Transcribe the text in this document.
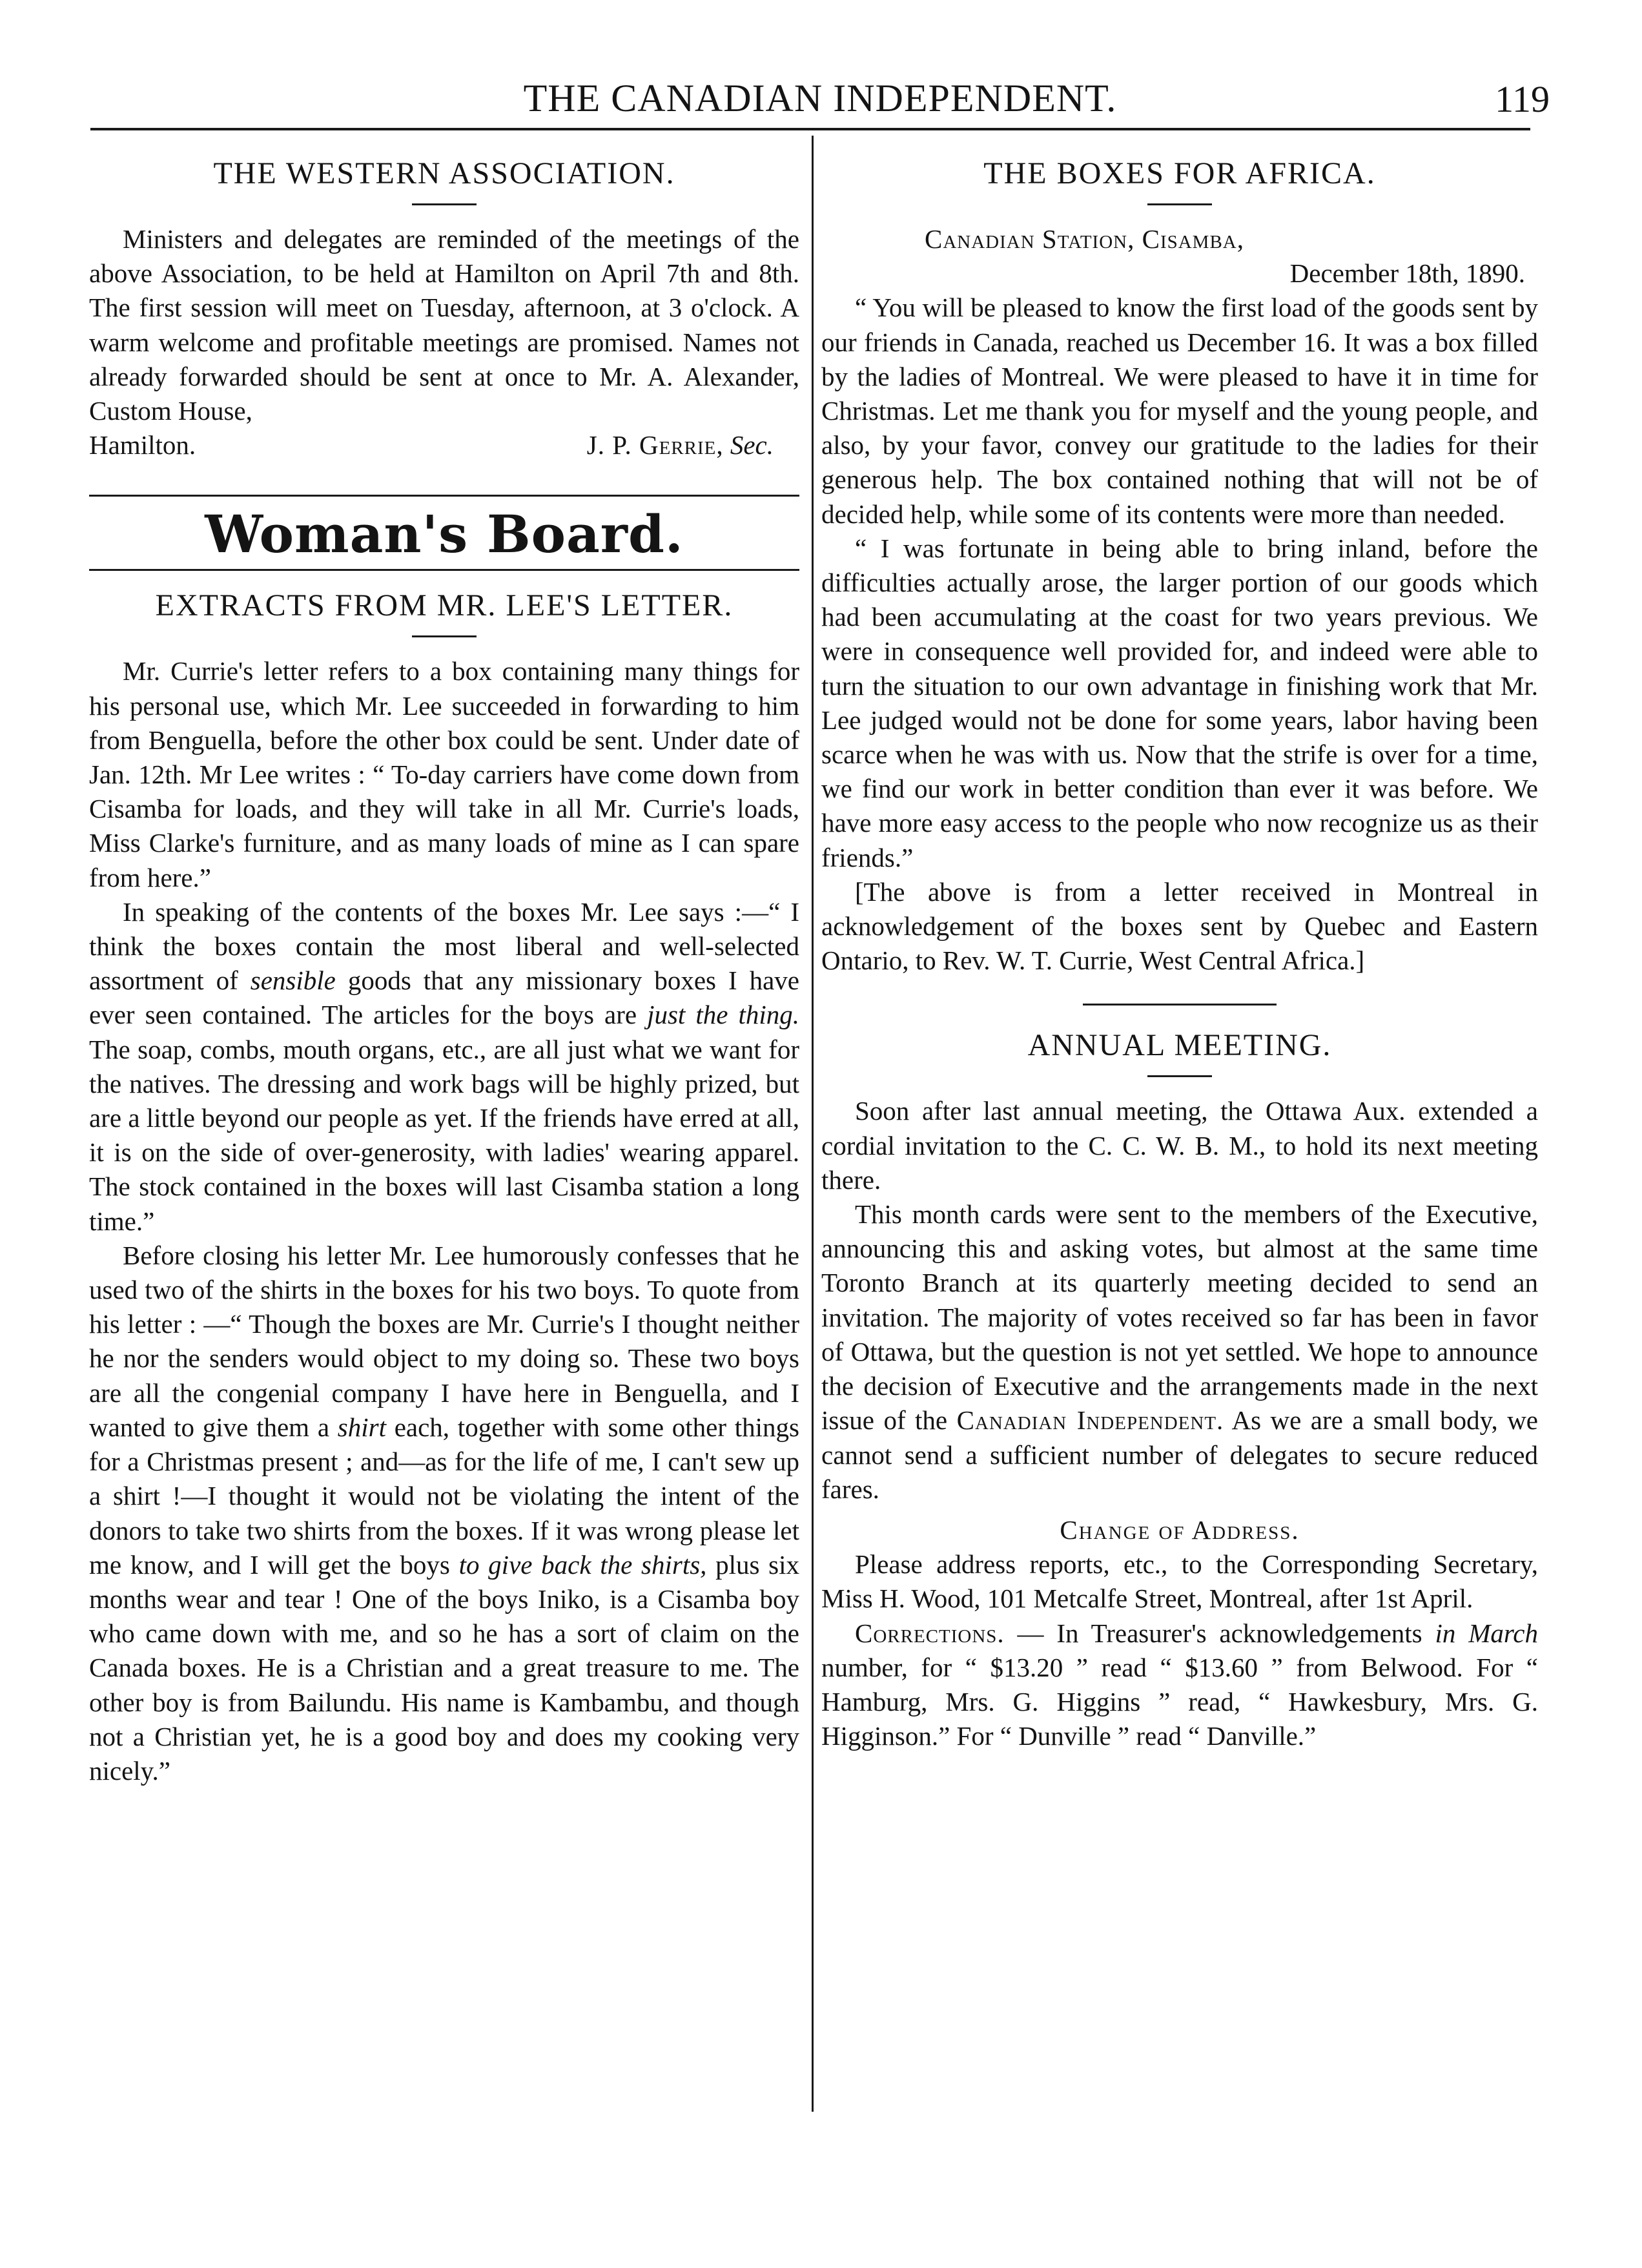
THE CANADIAN INDEPENDENT.	119
THE WESTERN ASSOCIATION.

Ministers and delegates are reminded of the meetings of the above Association, to be held at Hamilton on April 7th and 8th. The first session will meet on Tuesday, afternoon, at 3 o'clock. A warm welcome and profitable meetings are promised. Names not already forwarded should be sent at once to Mr. A. Alexander, Custom House,

Hamilton.	J. P. Gerrie, Sec.
Woman's Board.
EXTRACTS FROM MR. LEE'S LETTER.

Mr. Currie's letter refers to a box containing many things for his personal use, which Mr. Lee succeeded in forwarding to him from Benguella, before the other box could be sent. Under date of Jan. 12th. Mr Lee writes : “ To-day carriers have come down from Cisamba for loads, and they will take in all Mr. Currie's loads, Miss Clarke's furniture, and as many loads of mine as I can spare from here.”

In speaking of the contents of the boxes Mr. Lee says :—“ I think the boxes contain the most liberal and well-selected assortment of sensible goods that any missionary boxes I have ever seen contained. The articles for the boys are just the thing. The soap, combs, mouth organs, etc., are all just what we want for the natives. The dressing and work bags will be highly prized, but are a little beyond our people as yet. If the friends have erred at all, it is on the side of over-generosity, with ladies' wearing apparel. The stock contained in the boxes will last Cisamba station a long time.”

Before closing his letter Mr. Lee humorously confesses that he used two of the shirts in the boxes for his two boys. To quote from his letter : —“ Though the boxes are Mr. Currie's I thought neither he nor the senders would object to my doing so. These two boys are all the congenial company I have here in Benguella, and I wanted to give them a shirt each, together with some other things for a Christmas present ; and—as for the life of me, I can't sew up a shirt !—I thought it would not be violating the intent of the donors to take two shirts from the boxes. If it was wrong please let me know, and I will get the boys to give back the shirts, plus six months wear and tear ! One of the boys Iniko, is a Cisamba boy who came down with me, and so he has a sort of claim on the Canada boxes. He is a Christian and a great treasure to me. The other boy is from Bailundu. His name is Kambambu, and though not a Christian yet, he is a good boy and does my cooking very nicely.”

THE BOXES FOR AFRICA.

Canadian Station, Cisamba,

December 18th, 1890.

“ You will be pleased to know the first load of the goods sent by our friends in Canada, reached us December 16. It was a box filled by the ladies of Montreal. We were pleased to have it in time for Christmas. Let me thank you for myself and the young people, and also, by your favor, convey our gratitude to the ladies for their generous help. The box contained nothing that will not be of decided help, while some of its contents were more than needed.

“ I was fortunate in being able to bring inland, before the difficulties actually arose, the larger portion of our goods which had been accumulating at the coast for two years previous. We were in consequence well provided for, and indeed were able to turn the situation to our own advantage in finishing work that Mr. Lee judged would not be done for some years, labor having been scarce when he was with us. Now that the strife is over for a time, we find our work in better condition than ever it was before. We have more easy access to the people who now recognize us as their friends.”

[The above is from a letter received in Montreal in acknowledgement of the boxes sent by Quebec and Eastern Ontario, to Rev. W. T. Currie, West Central Africa.]

ANNUAL MEETING.

Soon after last annual meeting, the Ottawa Aux. extended a cordial invitation to the C. C. W. B. M., to hold its next meeting there.

This month cards were sent to the members of the Executive, announcing this and asking votes, but almost at the same time Toronto Branch at its quarterly meeting decided to send an invitation. The majority of votes received so far has been in favor of Ottawa, but the question is not yet settled. We hope to announce the decision of Executive and the arrangements made in the next issue of the Canadian Independent. As we are a small body, we cannot send a sufficient number of delegates to secure reduced fares.

Change of Address.

Please address reports, etc., to the Corresponding Secretary, Miss H. Wood, 101 Metcalfe Street, Montreal, after 1st April.

Corrections. — In Treasurer's acknowledgements in March number, for “ $13.20 ” read “ $13.60 ” from Belwood. For “ Hamburg, Mrs. G. Higgins ” read, “ Hawkesbury, Mrs. G. Higginson.” For “ Dunville ” read “ Danville.”
